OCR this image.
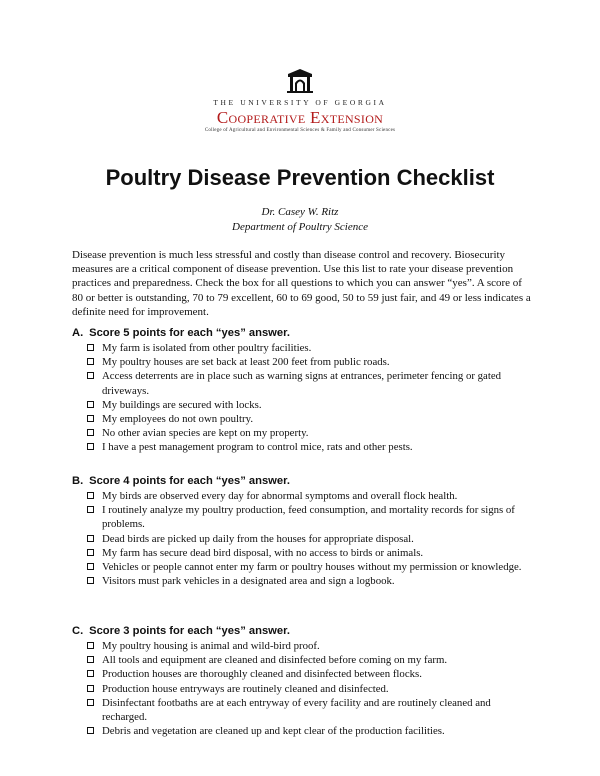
THE UNIVERSITY OF GEORGIA
Cooperative Extension
College of Agricultural and Environmental Sciences & Family and Consumer Sciences
Poultry Disease Prevention Checklist
Dr. Casey W. Ritz
Department of Poultry Science

Disease prevention is much less stressful and costly than disease control and recovery. Biosecurity measures are a critical component of disease prevention. Use this list to rate your disease prevention practices and preparedness. Check the box for all questions to which you can answer “yes”. A score of 80 or better is outstanding, 70 to 79 excellent, 60 to 69 good, 50 to 59 just fair, and 49 or less indicates a definite need for improvement.

A. Score 5 points for each “yes” answer.
My farm is isolated from other poultry facilities.
My poultry houses are set back at least 200 feet from public roads.
Access deterrents are in place such as warning signs at entrances, perimeter fencing or gated driveways.
My buildings are secured with locks.
My employees do not own poultry.
No other avian species are kept on my property.
I have a pest management program to control mice, rats and other pests.
B. Score 4 points for each “yes” answer.
My birds are observed every day for abnormal symptoms and overall flock health.
I routinely analyze my poultry production, feed consumption, and mortality records for signs of problems.
Dead birds are picked up daily from the houses for appropriate disposal.
My farm has secure dead bird disposal, with no access to birds or animals.
Vehicles or people cannot enter my farm or poultry houses without my permission or knowledge.
Visitors must park vehicles in a designated area and sign a logbook.
C. Score 3 points for each “yes” answer.
My poultry housing is animal and wild-bird proof.
All tools and equipment are cleaned and disinfected before coming on my farm.
Production houses are thoroughly cleaned and disinfected between flocks.
Production house entryways are routinely cleaned and disinfected.
Disinfectant footbaths are at each entryway of every facility and are routinely cleaned and recharged.
Debris and vegetation are cleaned up and kept clear of the production facilities.
